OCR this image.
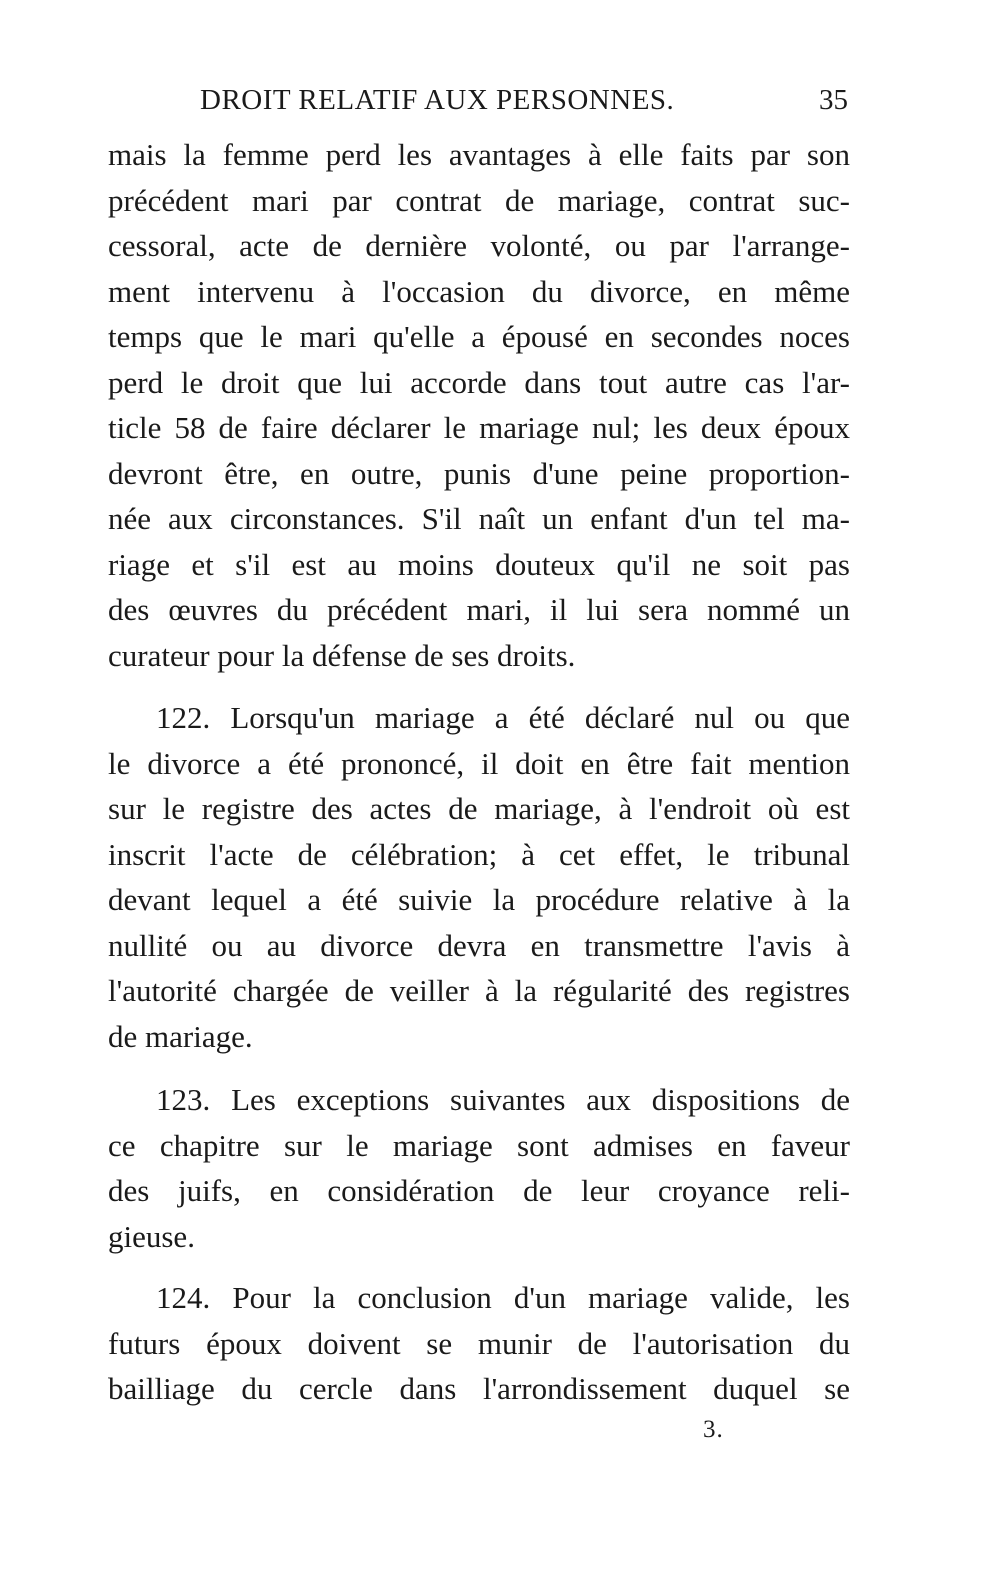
DROIT RELATIF AUX PERSONNES.	35
mais la femme perd les avantages à elle faits par son
précédent mari par contrat de mariage, contrat suc-
cessoral, acte de dernière volonté, ou par l'arrange-
ment intervenu à l'occasion du divorce, en même
temps que le mari qu'elle a épousé en secondes noces
perd le droit que lui accorde dans tout autre cas l'ar-
ticle 58 de faire déclarer le mariage nul; les deux époux
devront être, en outre, punis d'une peine proportion-
née aux circonstances. S'il naît un enfant d'un tel ma-
riage et s'il est au moins douteux qu'il ne soit pas
des œuvres du précédent mari, il lui sera nommé un
curateur pour la défense de ses droits.
122. Lorsqu'un mariage a été déclaré nul ou que
le divorce a été prononcé, il doit en être fait mention
sur le registre des actes de mariage, à l'endroit où est
inscrit l'acte de célébration; à cet effet, le tribunal
devant lequel a été suivie la procédure relative à la
nullité ou au divorce devra en transmettre l'avis à
l'autorité chargée de veiller à la régularité des registres
de mariage.
123. Les exceptions suivantes aux dispositions de
ce chapitre sur le mariage sont admises en faveur
des juifs, en considération de leur croyance reli-
gieuse.
124. Pour la conclusion d'un mariage valide, les
futurs époux doivent se munir de l'autorisation du
bailliage du cercle dans l'arrondissement duquel se
3.
